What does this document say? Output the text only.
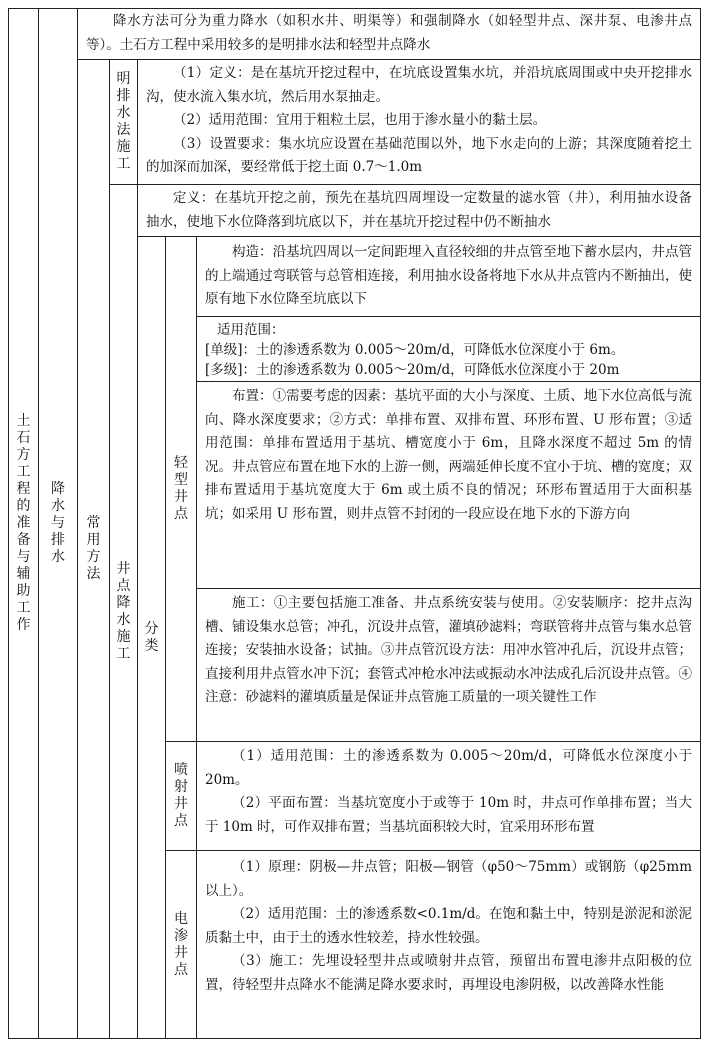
土石方工程的准备与辅助工作
降水与排水
常用方法
明排水法施工
井点降水施工
分类
轻型井点
喷射井点
电渗井点

降水方法可分为重力降水（如积水井、明渠等）和强制降水（如轻型井点、深井泵、电渗井点等）。土石方工程中采用较多的是明排水法和轻型井点降水

（1）定义：是在基坑开挖过程中，在坑底设置集水坑，并沿坑底周围或中央开挖排水沟，使水流入集水坑，然后用水泵抽走。

（2）适用范围：宜用于粗粒土层，也用于渗水量小的黏土层。

（3）设置要求：集水坑应设置在基础范围以外，地下水走向的上游；其深度随着挖土的加深而加深，要经常低于挖土面 0.7～1.0m

定义：在基坑开挖之前，预先在基坑四周埋设一定数量的滤水管（井），利用抽水设备抽水，使地下水位降落到坑底以下，并在基坑开挖过程中仍不断抽水

构造：沿基坑四周以一定间距埋入直径较细的井点管至地下蓄水层内，井点管的上端通过弯联管与总管相连接，利用抽水设备将地下水从井点管内不断抽出，使原有地下水位降至坑底以下

适用范围：

[单级]：土的渗透系数为 0.005～20m/d，可降低水位深度小于 6m。

[多级]：土的渗透系数为 0.005～20m/d，可降低水位深度小于 20m

布置：①需要考虑的因素：基坑平面的大小与深度、土质、地下水位高低与流向、降水深度要求；②方式：单排布置、双排布置、环形布置、U 形布置；③适用范围：单排布置适用于基坑、槽宽度小于 6m，且降水深度不超过 5m 的情况。井点管应布置在地下水的上游一侧，两端延伸长度不宜小于坑、槽的宽度；双排布置适用于基坑宽度大于 6m 或土质不良的情况；环形布置适用于大面积基坑；如采用 U 形布置，则井点管不封闭的一段应设在地下水的下游方向

施工：①主要包括施工准备、井点系统安装与使用。②安装顺序：挖井点沟槽、铺设集水总管；冲孔，沉设井点管，灌填砂滤料；弯联管将井点管与集水总管连接；安装抽水设备；试抽。③井点管沉设方法：用冲水管冲孔后，沉设井点管；直接利用井点管水冲下沉；套管式冲枪水冲法或振动水冲法成孔后沉设井点管。④注意：砂滤料的灌填质量是保证井点管施工质量的一项关键性工作

（1）适用范围：土的渗透系数为 0.005～20m/d，可降低水位深度小于 20m。

（2）平面布置：当基坑宽度小于或等于 10m 时，井点可作单排布置；当大于 10m 时，可作双排布置；当基坑面积较大时，宜采用环形布置

（1）原理：阴极—井点管；阳极—钢管（φ50～75mm）或钢筋（φ25mm 以上）。

（2）适用范围：土的渗透系数<0.1m/d。在饱和黏土中，特别是淤泥和淤泥质黏土中，由于土的透水性较差，持水性较强。

（3）施工：先埋设轻型井点或喷射井点管，预留出布置电渗井点阳极的位置，待轻型井点降水不能满足降水要求时，再埋设电渗阴极，以改善降水性能
